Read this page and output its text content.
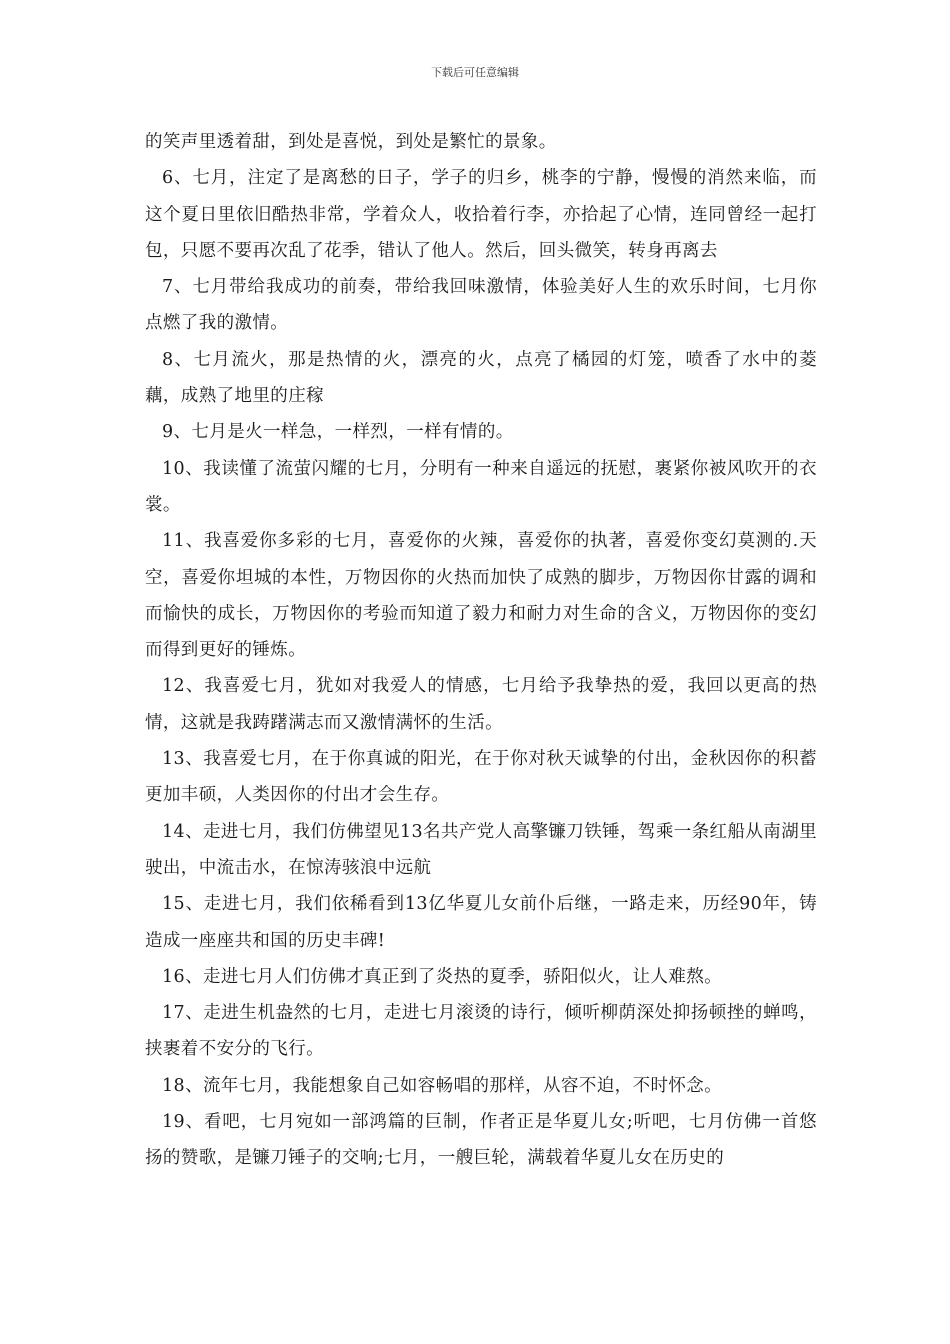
下载后可任意编辑

的笑声里透着甜，到处是喜悦，到处是繁忙的景象。

6、七月，注定了是离愁的日子，学子的归乡，桃李的宁静，慢慢的消然来临，而这个夏日里依旧酷热非常，学着众人，收拾着行李，亦拾起了心情，连同曾经一起打包，只愿不要再次乱了花季，错认了他人。然后，回头微笑，转身再离去

7、七月带给我成功的前奏，带给我回味激情，体验美好人生的欢乐时间，七月你点燃了我的激情。

8、七月流火，那是热情的火，漂亮的火，点亮了橘园的灯笼，喷香了水中的菱藕，成熟了地里的庄稼

9、七月是火一样急，一样烈，一样有情的。

10、我读懂了流萤闪耀的七月，分明有一种来自遥远的抚慰，裹紧你被风吹开的衣裳。

11、我喜爱你多彩的七月，喜爱你的火辣，喜爱你的执著，喜爱你变幻莫测的.天空，喜爱你坦城的本性，万物因你的火热而加快了成熟的脚步，万物因你甘露的调和而愉快的成长，万物因你的考验而知道了毅力和耐力对生命的含义，万物因你的变幻而得到更好的锤炼。

12、我喜爱七月，犹如对我爱人的情感，七月给予我挚热的爱，我回以更高的热情，这就是我踌躇满志而又激情满怀的生活。

13、我喜爱七月，在于你真诚的阳光，在于你对秋天诚挚的付出，金秋因你的积蓄更加丰硕，人类因你的付出才会生存。

14、走进七月，我们仿佛望见13名共产党人高擎镰刀铁锤，驾乘一条红船从南湖里驶出，中流击水，在惊涛骇浪中远航

15、走进七月，我们依稀看到13亿华夏儿女前仆后继，一路走来，历经90年，铸造成一座座共和国的历史丰碑!

16、走进七月人们仿佛才真正到了炎热的夏季，骄阳似火，让人难熬。

17、走进生机盎然的七月，走进七月滚烫的诗行，倾听柳荫深处抑扬顿挫的蝉鸣，挟裹着不安分的飞行。

18、流年七月，我能想象自己如容畅唱的那样，从容不迫，不时怀念。

19、看吧，七月宛如一部鸿篇的巨制，作者正是华夏儿女;听吧，七月仿佛一首悠扬的赞歌，是镰刀锤子的交响;七月，一艘巨轮，满载着华夏儿女在历史的
